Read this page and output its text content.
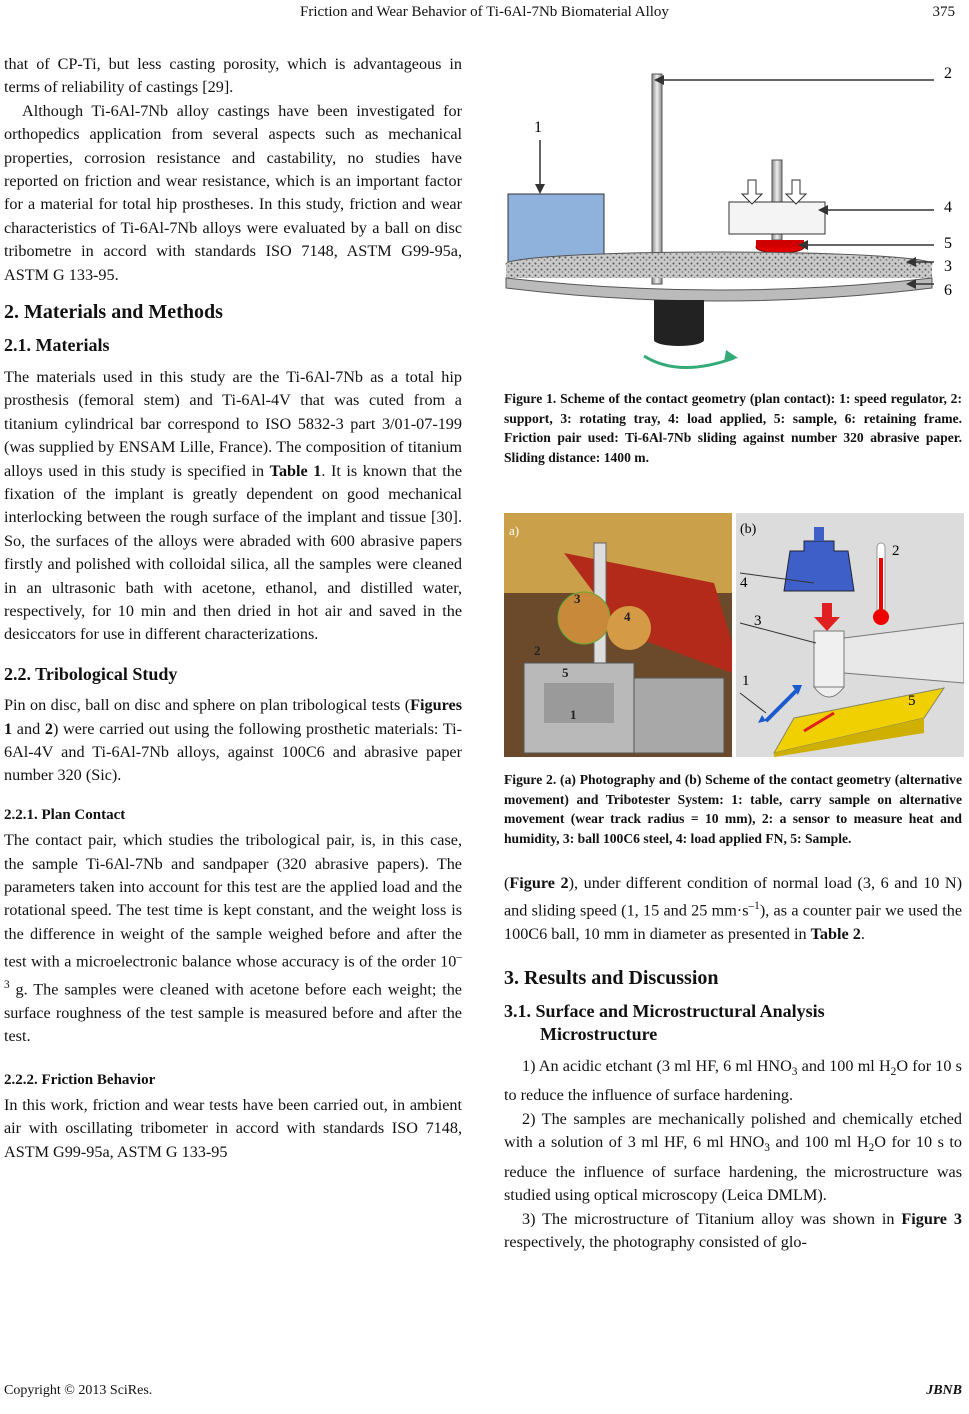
Friction and Wear Behavior of Ti-6Al-7Nb Biomaterial Alloy	375

that of CP-Ti, but less casting porosity, which is advantageous in terms of reliability of castings [29].

Although Ti-6Al-7Nb alloy castings have been investigated for orthopedics application from several aspects such as mechanical properties, corrosion resistance and castability, no studies have reported on friction and wear resistance, which is an important factor for a material for total hip prostheses. In this study, friction and wear characteristics of Ti-6Al-7Nb alloys were evaluated by a ball on disc tribometre in accord with standards ISO 7148, ASTM G99-95a, ASTM G 133-95.

2. Materials and Methods
2.1. Materials

The materials used in this study are the Ti-6Al-7Nb as a total hip prosthesis (femoral stem) and Ti-6Al-4V that was cuted from a titanium cylindrical bar correspond to ISO 5832-3 part 3/01-07-199 (was supplied by ENSAM Lille, France). The composition of titanium alloys used in this study is specified in Table 1. It is known that the fixation of the implant is greatly dependent on good mechanical interlocking between the rough surface of the implant and tissue [30]. So, the surfaces of the alloys were abraded with 600 abrasive papers firstly and polished with colloidal silica, all the samples were cleaned in an ultrasonic bath with acetone, ethanol, and distilled water, respectively, for 10 min and then dried in hot air and saved in the desiccators for use in different characterizations.

2.2. Tribological Study

Pin on disc, ball on disc and sphere on plan tribological tests (Figures 1 and 2) were carried out using the following prosthetic materials: Ti-6Al-4V and Ti-6Al-7Nb alloys, against 100C6 and abrasive paper number 320 (Sic).

2.2.1. Plan Contact

The contact pair, which studies the tribological pair, is, in this case, the sample Ti-6Al-7Nb and sandpaper (320 abrasive papers). The parameters taken into account for this test are the applied load and the rotational speed. The test time is kept constant, and the weight loss is the difference in weight of the sample weighed before and after the test with a microelectronic balance whose accuracy is of the order $10^{-3}$ g. The samples were cleaned with acetone before each weight; the surface roughness of the test sample is measured before and after the test.

2.2.2. Friction Behavior

In this work, friction and wear tests have been carried out, in ambient air with oscillating tribometer in accord with standards ISO 7148, ASTM G99-95a, ASTM G 133-95

1
2
4
5
3
6
Figure 1. Scheme of the contact geometry (plan contact): 1: speed regulator, 2: support, 3: rotating tray, 4: load applied, 5: sample, 6: retaining frame. Friction pair used: Ti-6Al-7Nb sliding against number 320 abrasive paper. Sliding distance: 1400 m.
a)
3
4
2
5
1
(b)
2
4
3
1
5
Figure 2. (a) Photography and (b) Scheme of the contact geometry (alternative movement) and Tribotester System: 1: table, carry sample on alternative movement (wear track radius = 10 mm), 2: a sensor to measure heat and humidity, 3: ball 100C6 steel, 4: load applied FN, 5: Sample.

(Figure 2), under different condition of normal load (3, 6 and 10 N) and sliding speed (1, 15 and 25 $mm\cdot s^{-1}$), as a counter pair we used the 100C6 ball, 10 mm in diameter as presented in Table 2.

3. Results and Discussion
3.1. Surface and Microstructural Analysis
Microstructure

1) An acidic etchant (3 ml HF, 6 ml $HNO_3$ and 100 ml $H_2O$ for 10 s to reduce the influence of surface hardening.

2) The samples are mechanically polished and chemically etched with a solution of 3 ml HF, 6 ml $HNO_3$ and 100 ml $H_2O$ for 10 s to reduce the influence of surface hardening, the microstructure was studied using optical microscopy (Leica DMLM).

3) The microstructure of Titanium alloy was shown in Figure 3 respectively, the photography consisted of glo-

Copyright © 2013 SciRes.	JBNB
